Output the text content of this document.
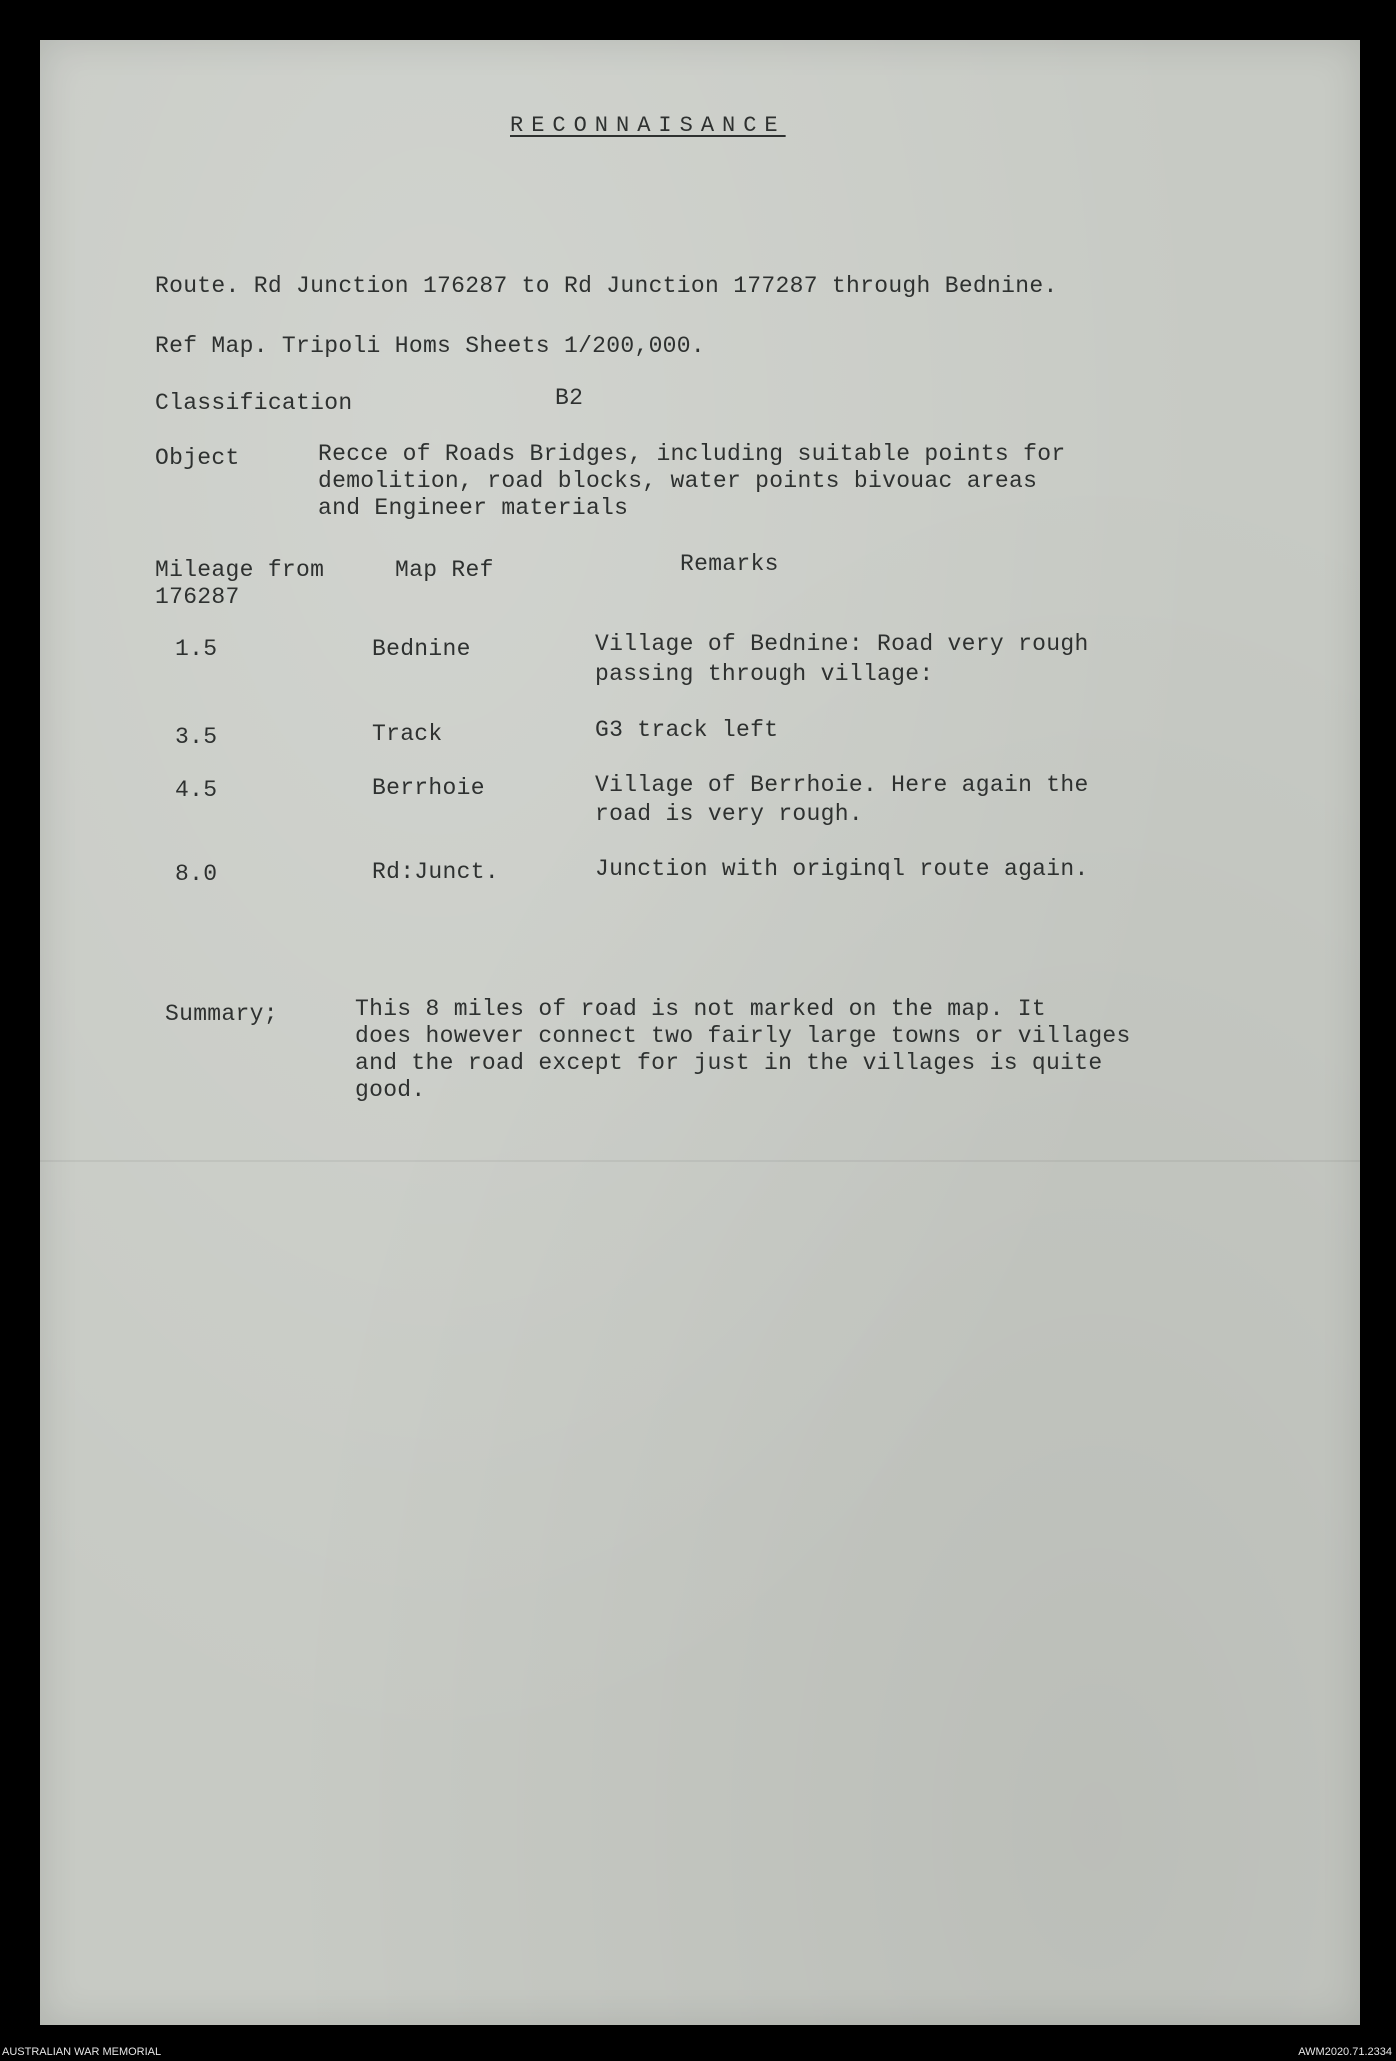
RECONNAISANCE
Route. Rd Junction 176287 to Rd Junction 177287 through Bednine.
Ref Map. Tripoli Homs Sheets 1/200,000.
Classification	B2
Object	Recce of Roads Bridges, including suitable points for
demolition, road blocks, water points bivouac areas
and Engineer materials
Mileage from
176287
Map Ref	Remarks
1.5	Bednine	Village of Bednine: Road very rough
passing through village:
3.5	Track	G3 track left
4.5	Berrhoie	Village of Berrhoie. Here again the
road is very rough.
8.0	Rd:Junct.	Junction with originql route again.
Summary;	This 8 miles of road is not marked on the map. It
does however connect two fairly large towns or villages
and the road except for just in the villages is quite
good.
AUSTRALIAN WAR MEMORIAL	AWM2020.71.2334
